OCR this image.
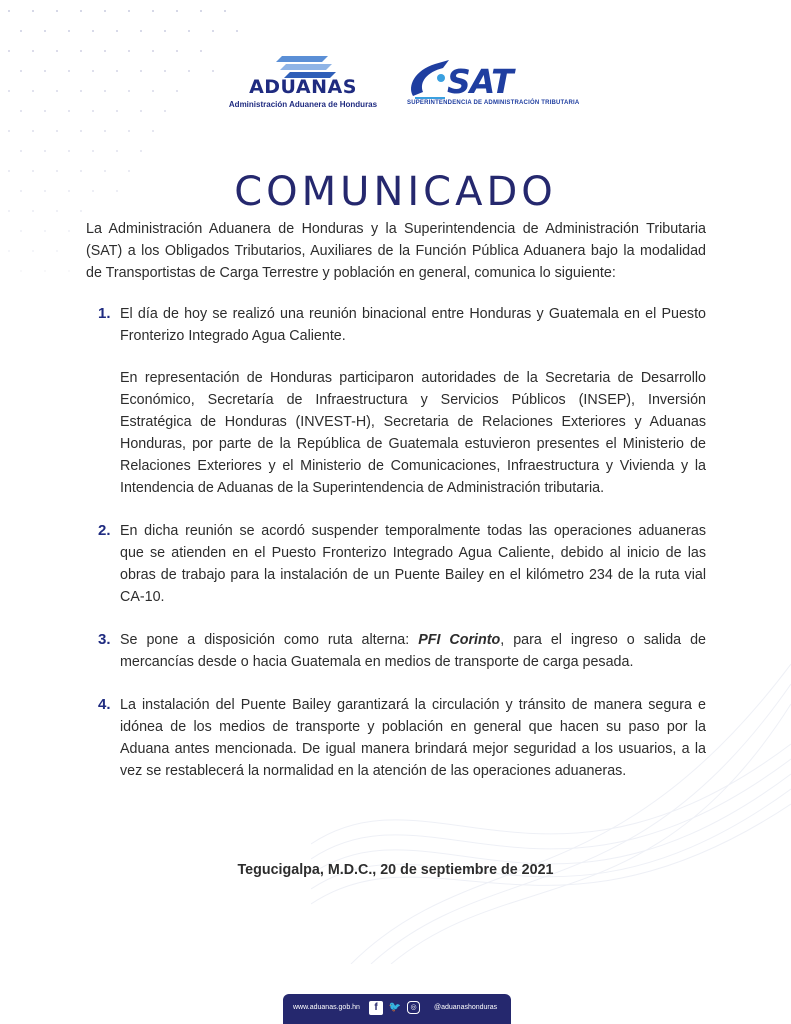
ADUANAS
Administración Aduanera de Honduras
SAT
SUPERINTENDENCIA DE ADMINISTRACIÓN TRIBUTARIA
COMUNICADO

La Administración Aduanera de Honduras y la Superintendencia de Administración Tributaria (SAT) a los Obligados Tributarios, Auxiliares de la Función Pública Aduanera bajo la modalidad de Transportistas de Carga Terrestre y población en general, comunica lo siguiente:

1. El día de hoy se realizó una reunión binacional entre Honduras y Guatemala en el Puesto Fronterizo Integrado Agua Caliente.

En representación de Honduras participaron autoridades de la Secretaria de Desarrollo Económico, Secretaría de Infraestructura y Servicios Públicos (INSEP), Inversión Estratégica de Honduras (INVEST-H), Secretaria de Relaciones Exteriores y Aduanas Honduras, por parte de la República de Guatemala estuvieron presentes el Ministerio de Relaciones Exteriores y el Ministerio de Comunicaciones, Infraestructura y Vivienda y la Intendencia de Aduanas de la Superintendencia de Administración tributaria.

2. En dicha reunión se acordó suspender temporalmente todas las operaciones aduaneras que se atienden en el Puesto Fronterizo Integrado Agua Caliente, debido al inicio de las obras de trabajo para la instalación de un Puente Bailey en el kilómetro 234 de la ruta vial CA-10.

3. Se pone a disposición como ruta alterna: PFI Corinto, para el ingreso o salida de mercancías desde o hacia Guatemala en medios de transporte de carga pesada.

4. La instalación del Puente Bailey garantizará la circulación y tránsito de manera segura e idónea de los medios de transporte y población en general que hacen su paso por la Aduana antes mencionada. De igual manera brindará mejor seguridad a los usuarios, a la vez se restablecerá la normalidad en la atención de las operaciones aduaneras.

Tegucigalpa, M.D.C., 20 de septiembre de 2021
www.aduanas.gob.hn	f	🐦	◎	@aduanashonduras
